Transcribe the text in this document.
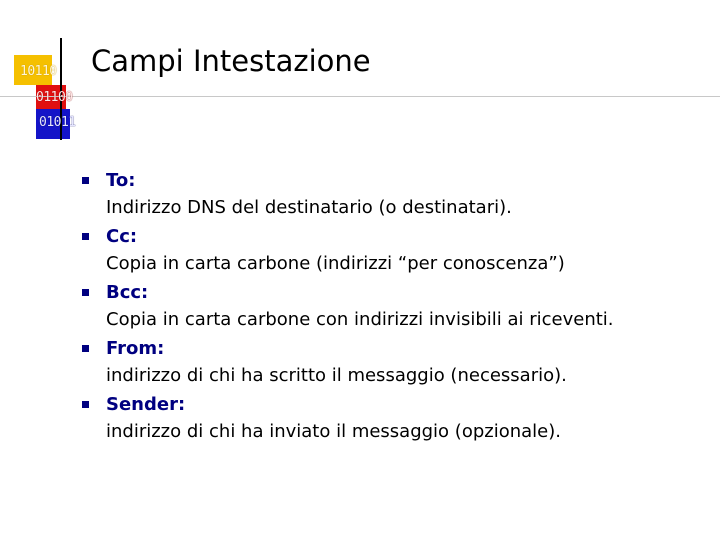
10110
01100
01011
Campi Intestazione
To:
Indirizzo DNS del destinatario (o destinatari).
Cc:
Copia in carta carbone (indirizzi “per conoscenza”)
Bcc:
Copia in carta carbone con indirizzi invisibili ai riceventi.
From:
indirizzo di chi ha scritto il messaggio (necessario).
Sender:
indirizzo di chi ha inviato il messaggio (opzionale).
